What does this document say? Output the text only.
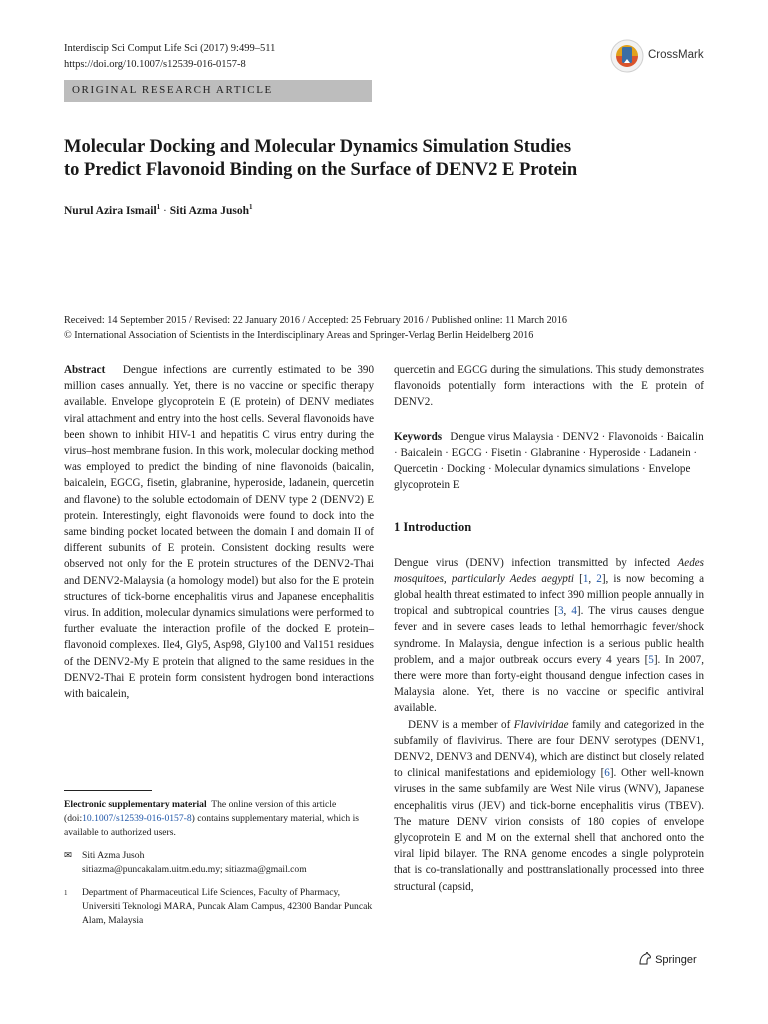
Interdiscip Sci Comput Life Sci (2017) 9:499–511
https://doi.org/10.1007/s12539-016-0157-8
CrossMark
ORIGINAL RESEARCH ARTICLE
Molecular Docking and Molecular Dynamics Simulation Studies
to Predict Flavonoid Binding on the Surface of DENV2 E Protein
Nurul Azira Ismail$^1$ · Siti Azma Jusoh$^1$
Received: 14 September 2015 / Revised: 22 January 2016 / Accepted: 25 February 2016 / Published online: 11 March 2016
© International Association of Scientists in the Interdisciplinary Areas and Springer-Verlag Berlin Heidelberg 2016

Abstract Dengue infections are currently estimated to be 390 million cases annually. Yet, there is no vaccine or specific therapy available. Envelope glycoprotein E (E protein) of DENV mediates viral attachment and entry into the host cells. Several flavonoids have been shown to inhibit HIV-1 and hepatitis C virus entry during the virus–host membrane fusion. In this work, molecular docking method was employed to predict the binding of nine flavonoids (baicalin, baicalein, EGCG, fisetin, glabranine, hyperoside, ladanein, quercetin and flavone) to the soluble ectodomain of DENV type 2 (DENV2) E protein. Interestingly, eight flavonoids were found to dock into the same binding pocket located between the domain I and domain II of different subunits of E protein. Consistent docking results were observed not only for the E protein structures of the DENV2-Thai and DENV2-Malaysia (a homology model) but also for the E protein structures of tick-borne encephalitis virus and Japanese encephalitis virus. In addition, molecular dynamics simulations were performed to further evaluate the interaction profile of the docked E protein–flavonoid complexes. Ile4, Gly5, Asp98, Gly100 and Val151 residues of the DENV2-My E protein that aligned to the same residues in the DENV2-Thai E protein form consistent hydrogen bond interactions with baicalein,

Electronic supplementary material  The online version of this article (doi:10.1007/s12539-016-0157-8) contains supplementary material, which is available to authorized users.
✉ Siti Azma Jusoh
sitiazma@puncakalam.uitm.edu.my; sitiazma@gmail.com
1	Department of Pharmaceutical Life Sciences, Faculty of Pharmacy, Universiti Teknologi MARA, Puncak Alam Campus, 42300 Bandar Puncak Alam, Malaysia

quercetin and EGCG during the simulations. This study demonstrates flavonoids potentially form interactions with the E protein of DENV2.

Keywords Dengue virus Malaysia · DENV2 · Flavonoids · Baicalin · Baicalein · EGCG · Fisetin · Glabranine · Hyperoside · Ladanein · Quercetin · Docking · Molecular dynamics simulations · Envelope glycoprotein E

1 Introduction

Dengue virus (DENV) infection transmitted by infected Aedes mosquitoes, particularly Aedes aegypti [1, 2], is now becoming a global health threat estimated to infect 390 million people annually in tropical and subtropical countries [3, 4]. The virus causes dengue fever and in severe cases leads to lethal hemorrhagic fever/shock syndrome. In Malaysia, dengue infection is a serious public health problem, and a major outbreak occurs every 4 years [5]. In 2007, there were more than forty-eight thousand dengue infection cases in Malaysia alone. Yet, there is no vaccine or specific antiviral available.

DENV is a member of Flaviviridae family and categorized in the subfamily of flavivirus. There are four DENV serotypes (DENV1, DENV2, DENV3 and DENV4), which are distinct but closely related to clinical manifestations and epidemiology [6]. Other well-known viruses in the same subfamily are West Nile virus (WNV), Japanese encephalitis virus (JEV) and tick-borne encephalitis virus (TBEV). The mature DENV virion consists of 180 copies of envelope glycoprotein E and M on the external shell that anchored onto the viral lipid bilayer. The RNA genome encodes a single polyprotein that is co-translationally and posttranslationally processed into three structural (capsid,

Springer
